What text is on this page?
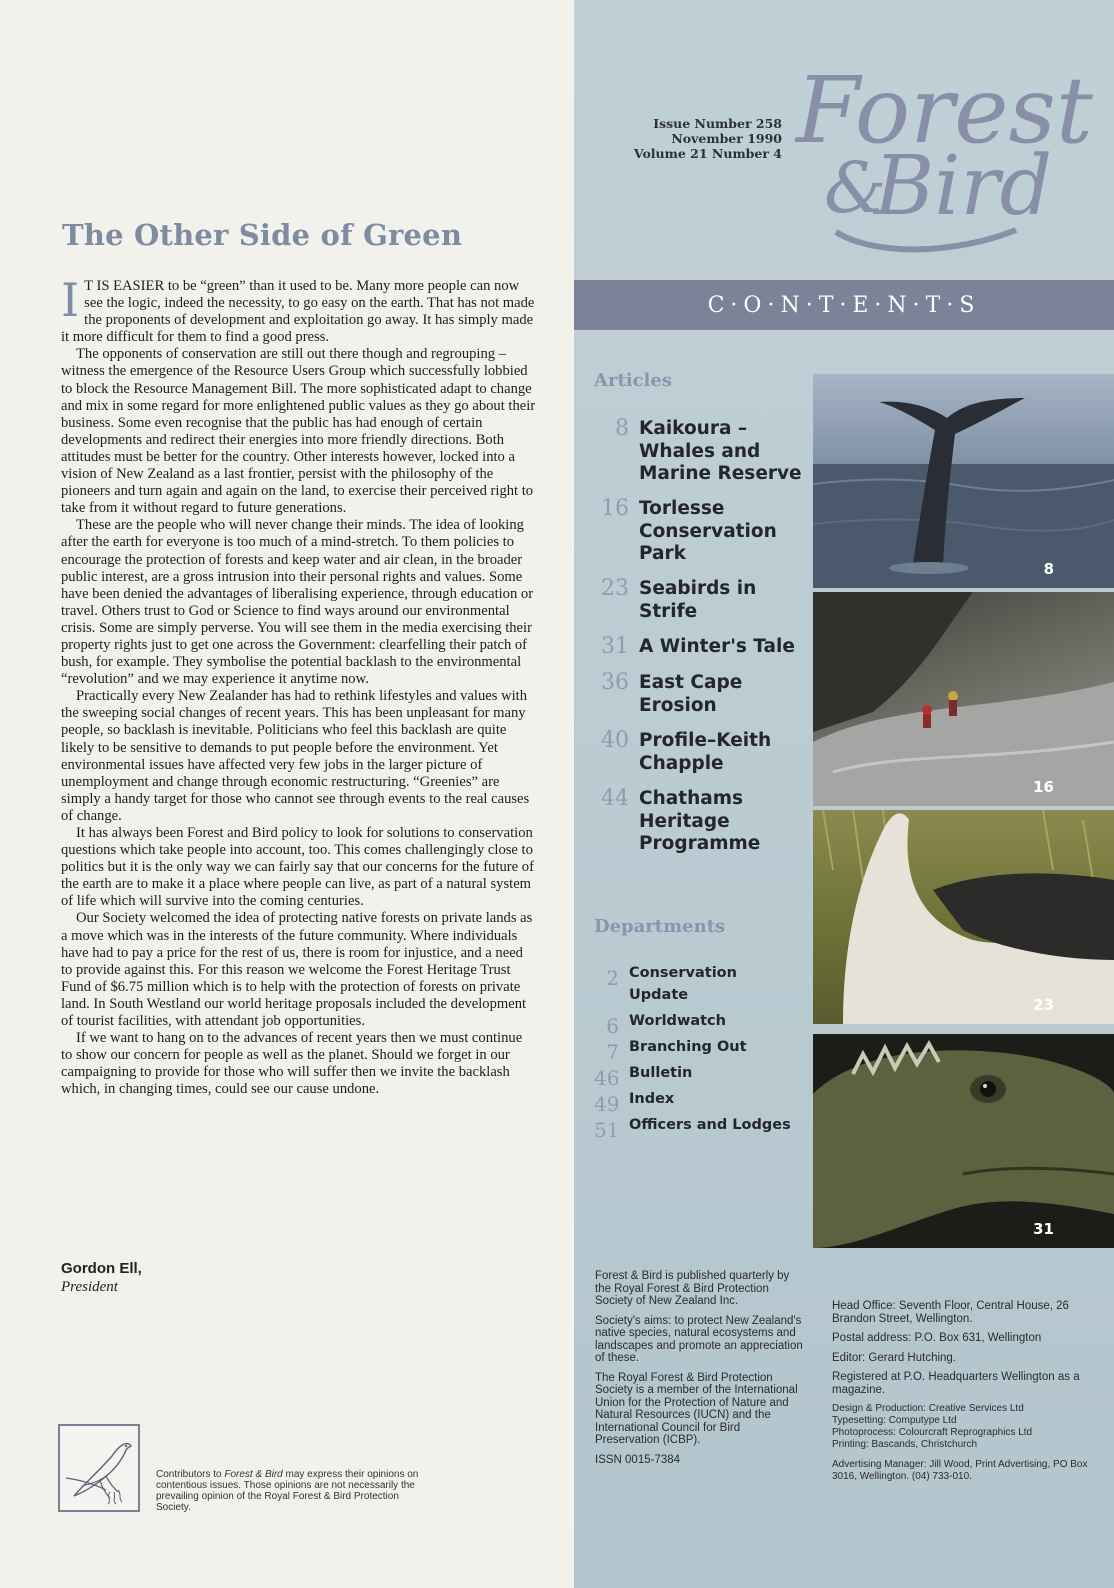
The Other Side of Green

I T IS EASIER to be “green” than it used to be. Many more people can now see the logic, indeed the necessity, to go easy on the earth. That has not made the proponents of development and exploitation go away. It has simply made it more difficult for them to find a good press.

The opponents of conservation are still out there though and regrouping – witness the emergence of the Resource Users Group which successfully lobbied to block the Resource Management Bill. The more sophisticated adapt to change and mix in some regard for more enlightened public values as they go about their business. Some even recognise that the public has had enough of certain developments and redirect their energies into more friendly directions. Both attitudes must be better for the country. Other interests however, locked into a vision of New Zealand as a last frontier, persist with the philosophy of the pioneers and turn again and again on the land, to exercise their perceived right to take from it without regard to future generations.

These are the people who will never change their minds. The idea of looking after the earth for everyone is too much of a mind-stretch. To them policies to encourage the protection of forests and keep water and air clean, in the broader public interest, are a gross intrusion into their personal rights and values. Some have been denied the advantages of liberalising experience, through education or travel. Others trust to God or Science to find ways around our environmental crisis. Some are simply perverse. You will see them in the media exercising their property rights just to get one across the Government: clearfelling their patch of bush, for example. They symbolise the potential backlash to the environmental “revolution” and we may experience it anytime now.

Practically every New Zealander has had to rethink lifestyles and values with the sweeping social changes of recent years. This has been unpleasant for many people, so backlash is inevitable. Politicians who feel this backlash are quite likely to be sensitive to demands to put people before the environment. Yet environmental issues have affected very few jobs in the larger picture of unemployment and change through economic restructuring. “Greenies” are simply a handy target for those who cannot see through events to the real causes of change.

It has always been Forest and Bird policy to look for solutions to conservation questions which take people into account, too. This comes challengingly close to politics but it is the only way we can fairly say that our concerns for the future of the earth are to make it a place where people can live, as part of a natural system of life which will survive into the coming centuries.

Our Society welcomed the idea of protecting native forests on private lands as a move which was in the interests of the future community. Where individuals have had to pay a price for the rest of us, there is room for injustice, and a need to provide against this. For this reason we welcome the Forest Heritage Trust Fund of $6.75 million which is to help with the protection of forests on private land. In South Westland our world heritage proposals included the development of tourist facilities, with attendant job opportunities.

If we want to hang on to the advances of recent years then we must continue to show our concern for people as well as the planet. Should we forget in our campaigning to provide for those who will suffer then we invite the backlash which, in changing times, could see our cause undone.

Gordon Ell,
President
Contributors to Forest & Bird may express their opinions on contentious issues. Those opinions are not necessarily the prevailing opinion of the Royal Forest & Bird Protection Society.
Issue Number 258
November 1990
Volume 21 Number 4 Forest
&
Bird
C·O·N·T·E·N·T·S
Articles
8 Kaikoura –
Whales and
Marine Reserve
16 Torlesse
Conservation
Park
23 Seabirds in
Strife
31 A Winter's Tale
36 East Cape
Erosion
40 Profile–Keith
Chapple
44 Chathams
Heritage
Programme
Departments
2 Conservation
Update
6 Worldwatch
7 Branching Out
46 Bulletin
49 Index
51 Officers and Lodges
8
16
23
31

Forest & Bird is published quarterly by the Royal Forest & Bird Protection Society of New Zealand Inc.

Society's aims: to protect New Zealand's native species, natural ecosystems and landscapes and promote an appreciation of these.

The Royal Forest & Bird Protection Society is a member of the International Union for the Protection of Nature and Natural Resources (IUCN) and the International Council for Bird Preservation (ICBP).

ISSN 0015-7384

Head Office: Seventh Floor, Central House, 26 Brandon Street, Wellington.

Postal address: P.O. Box 631, Wellington

Editor: Gerard Hutching.

Registered at P.O. Headquarters Wellington as a magazine.

Design & Production: Creative Services Ltd

Typesetting: Computype Ltd

Photoprocess: Colourcraft Reprographics Ltd

Printing: Bascands, Christchurch

Advertising Manager: Jill Wood, Print Advertising, PO Box 3016, Wellington. (04) 733-010.
